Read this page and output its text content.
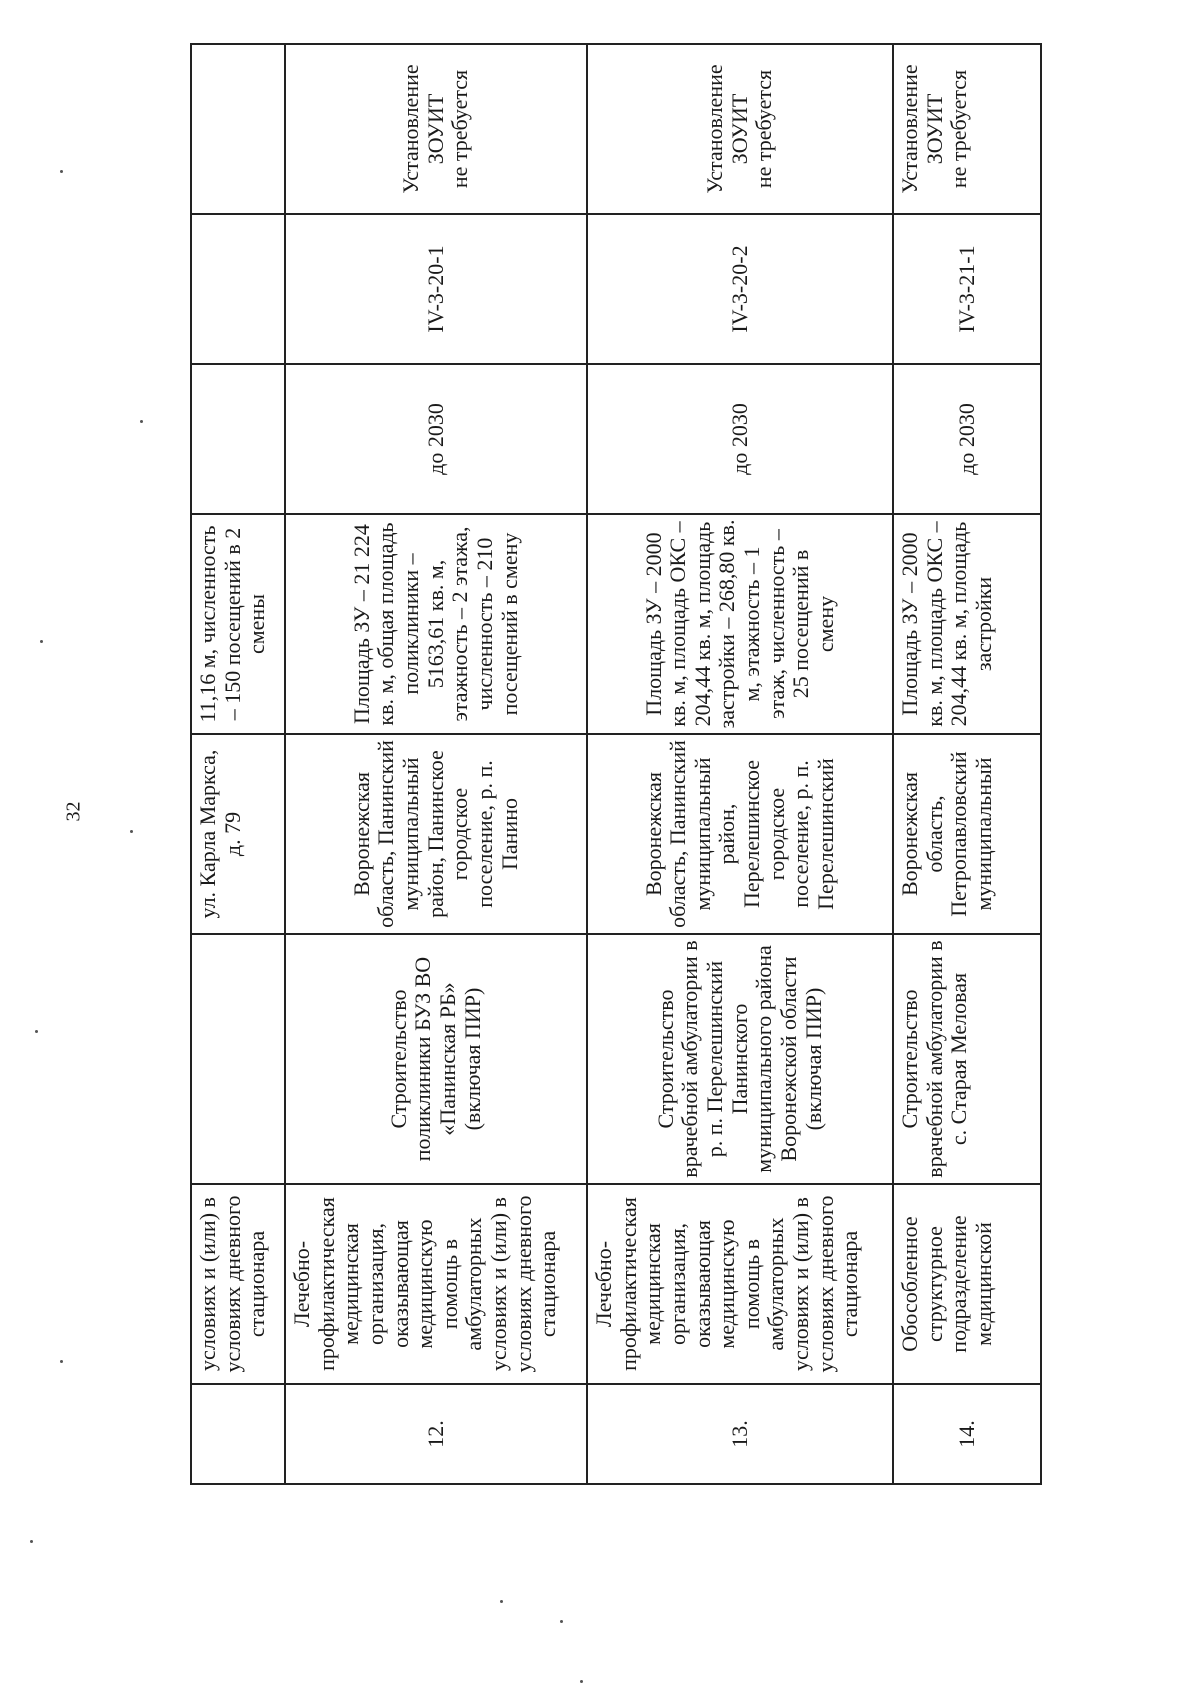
32
	условиях и (или) в условиях дневного стационара		ул. Карла Маркса, д. 79	11,16 м, численность – 150 посещений в 2 смены			
12.	Лечебно-профилактическая медицинская организация, оказывающая медицинскую помощь в амбулаторных условиях и (или) в условиях дневного стационара	Строительство поликлиники БУЗ ВО «Панинская РБ» (включая ПИР)	Воронежская область, Панинский муниципальный район, Панинское городское поселение, р. п. Панино	Площадь ЗУ – 21 224 кв. м, общая площадь поликлиники – 5163,61 кв. м, этажность – 2 этажа, численность – 210 посещений в смену	до 2030	IV-3-20-1	Установление ЗОУИТ
не требуется
13.	Лечебно-профилактическая медицинская организация, оказывающая медицинскую помощь в амбулаторных условиях и (или) в условиях дневного стационара	Строительство врачебной амбулатории в р. п. Перелешинский Панинского муниципального района Воронежской области (включая ПИР)	Воронежская область, Панинский муниципальный район, Перелешинское городское поселение, р. п. Перелешинский	Площадь ЗУ – 2000 кв. м, площадь ОКС – 204,44 кв. м, площадь застройки – 268,80 кв. м, этажность – 1 этаж, численность – 25 посещений в смену	до 2030	IV-3-20-2	Установление ЗОУИТ
не требуется
14.	Обособленное структурное подразделение медицинской	Строительство врачебной амбулатории в с. Старая Меловая	Воронежская область, Петропавловский муниципальный	Площадь ЗУ – 2000 кв. м, площадь ОКС – 204,44 кв. м, площадь застройки	до 2030	IV-3-21-1	Установление ЗОУИТ
не требуется
